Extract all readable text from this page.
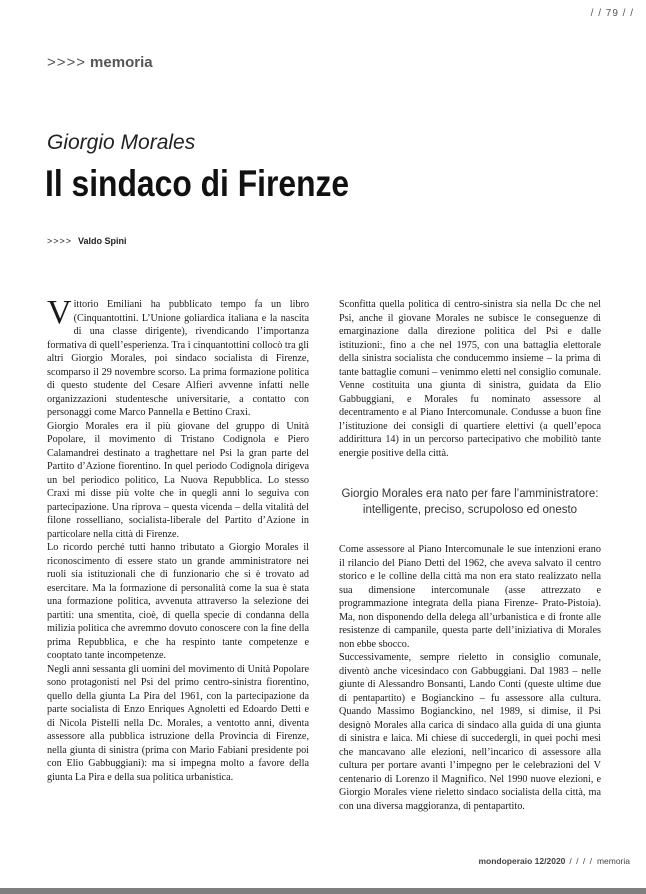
/ / 79 / /
>>>> memoria
Giorgio Morales
Il sindaco di Firenze
>>>> Valdo Spini

Vittorio Emiliani ha pubblicato tempo fa un libro (Cinquantottini. L’Unione goliardica italiana e la nascita di una classe dirigente), rivendicando l’importanza formativa di quell’esperienza. Tra i cinquantottini collocò tra gli altri Giorgio Morales, poi sindaco socialista di Firenze, scomparso il 29 novembre scorso. La prima formazione politica di questo studente del Cesare Alfieri avvenne infatti nelle organizzazioni studentesche universitarie, a contatto con personaggi come Marco Pannella e Bettino Craxi.

Giorgio Morales era il più giovane del gruppo di Unità Popolare, il movimento di Tristano Codignola e Piero Calamandrei destinato a traghettare nel Psi la gran parte del Partito d’Azione fiorentino. In quel periodo Codignola dirigeva un bel periodico politico, La Nuova Repubblica. Lo stesso Craxi mi disse più volte che in quegli anni lo seguiva con partecipazione. Una riprova – questa vicenda – della vitalità del filone rosselliano, socialista-liberale del Partito d’Azione in particolare nella città di Firenze.

Lo ricordo perché tutti hanno tributato a Giorgio Morales il riconoscimento di essere stato un grande amministratore nei ruoli sia istituzionali che di funzionario che si è trovato ad esercitare. Ma la formazione di personalità come la sua è stata una formazione politica, avvenuta attraverso la selezione dei partiti: una smentita, cioè, di quella specie di condanna della milizia politica che avremmo dovuto conoscere con la fine della prima Repubblica, e che ha respinto tante competenze e cooptato tante incompetenze.

Negli anni sessanta gli uomini del movimento di Unità Popolare sono protagonisti nel Psi del primo centro-sinistra fiorentino, quello della giunta La Pira del 1961, con la partecipazione da parte socialista di Enzo Enriques Agnoletti ed Edoardo Detti e di Nicola Pistelli nella Dc. Morales, a ventotto anni, diventa assessore alla pubblica istruzione della Provincia di Firenze, nella giunta di sinistra (prima con Mario Fabiani presidente poi con Elio Gabbuggiani): ma si impegna molto a favore della giunta La Pira e della sua politica urbanistica.

Sconfitta quella politica di centro-sinistra sia nella Dc che nel Psi, anche il giovane Morales ne subisce le conseguenze di emarginazione dalla direzione politica del Psi e dalle istituzioni:, fino a che nel 1975, con una battaglia elettorale della sinistra socialista che conducemmo insieme – la prima di tante battaglie comuni – venimmo eletti nel consiglio comunale. Venne costituita una giunta di sinistra, guidata da Elio Gabbuggiani, e Morales fu nominato assessore al decentramento e al Piano Intercomunale. Condusse a buon fine l’istituzione dei consigli di quartiere elettivi (a quell’epoca addirittura 14) in un percorso partecipativo che mobilitò tante energie positive della città.

Giorgio Morales era nato per fare l’amministratore: intelligente, preciso, scrupoloso ed onesto

Come assessore al Piano Intercomunale le sue intenzioni erano il rilancio del Piano Detti del 1962, che aveva salvato il centro storico e le colline della città ma non era stato realizzato nella sua dimensione intercomunale (asse attrezzato e programmazione integrata della piana Firenze- Prato-Pistoia). Ma, non disponendo della delega all’urbanistica e di fronte alle resistenze di campanile, questa parte dell’iniziativa di Morales non ebbe sbocco.

Successivamente, sempre rieletto in consiglio comunale, diventò anche vicesindaco con Gabbuggiani. Dal 1983 – nelle giunte di Alessandro Bonsanti, Lando Conti (queste ultime due di pentapartito) e Bogianckino – fu assessore alla cultura. Quando Massimo Bogianckino, nel 1989, si dimise, il Psi designò Morales alla carica di sindaco alla guida di una giunta di sinistra e laica. Mi chiese di succedergli, in quei pochi mesi che mancavano alle elezioni, nell’incarico di assessore alla cultura per portare avanti l’impegno per le celebrazioni del V centenario di Lorenzo il Magnifico. Nel 1990 nuove elezioni, e Giorgio Morales viene rieletto sindaco socialista della città, ma con una diversa maggioranza, di pentapartito.

mondoperaio 12/2020 / / / / memoria
